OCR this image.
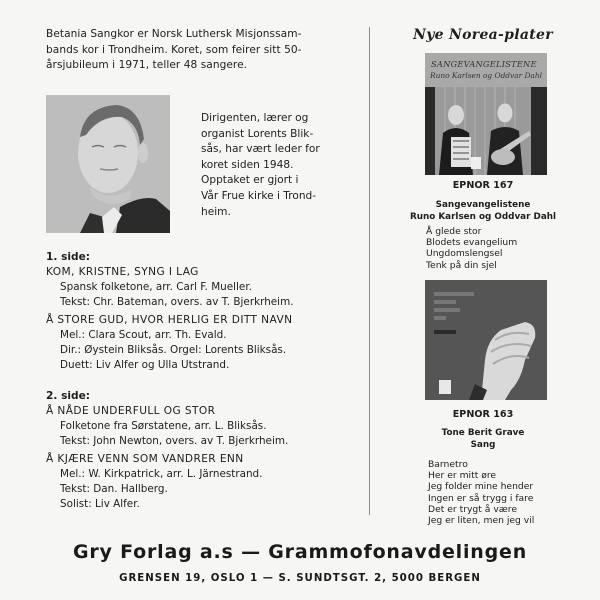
Betania Sangkor er Norsk Luthersk Misjonssam-
bands kor i Trondheim. Koret, som feirer sitt 50-
årsjubileum i 1971, teller 48 sangere.
Dirigenten, lærer og
organist Lorents Blik-
sås, har vært leder for
koret siden 1948.
Opptaket er gjort i
Vår Frue kirke i Trond-
heim.
1. side:
KOM, KRISTNE, SYNG I LAG
Spansk folketone, arr. Carl F. Mueller.
Tekst: Chr. Bateman, overs. av T. Bjerkrheim.
Å STORE GUD, HVOR HERLIG ER DITT NAVN
Mel.: Clara Scout, arr. Th. Evald.
Dir.: Øystein Bliksås. Orgel: Lorents Bliksås.
Duett: Liv Alfer og Ulla Utstrand.
2. side:
Å NÅDE UNDERFULL OG STOR
Folketone fra Sørstatene, arr. L. Bliksås.
Tekst: John Newton, overs. av T. Bjerkrheim.
Å KJÆRE VENN SOM VANDRER ENN
Mel.: W. Kirkpatrick, arr. L. Järnestrand.
Tekst: Dan. Hallberg.
Solist: Liv Alfer.
Nye Norea-plater
SANGEVANGELISTENE
Runo Karlsen og Oddvar Dahl
EPNOR 167
Sangevangelistene
Runo Karlsen og Oddvar Dahl
Å glede stor
Blodets evangelium
Ungdomslengsel
Tenk på din sjel
EPNOR 163
Tone Berit Grave
Sang
Barnetro
Her er mitt øre
Jeg folder mine hender
Ingen er så trygg i fare
Det er trygt å være
Jeg er liten, men jeg vil
Gry Forlag a.s — Grammofonavdelingen
GRENSEN 19, OSLO 1 — S. SUNDTSGT. 2, 5000 BERGEN
